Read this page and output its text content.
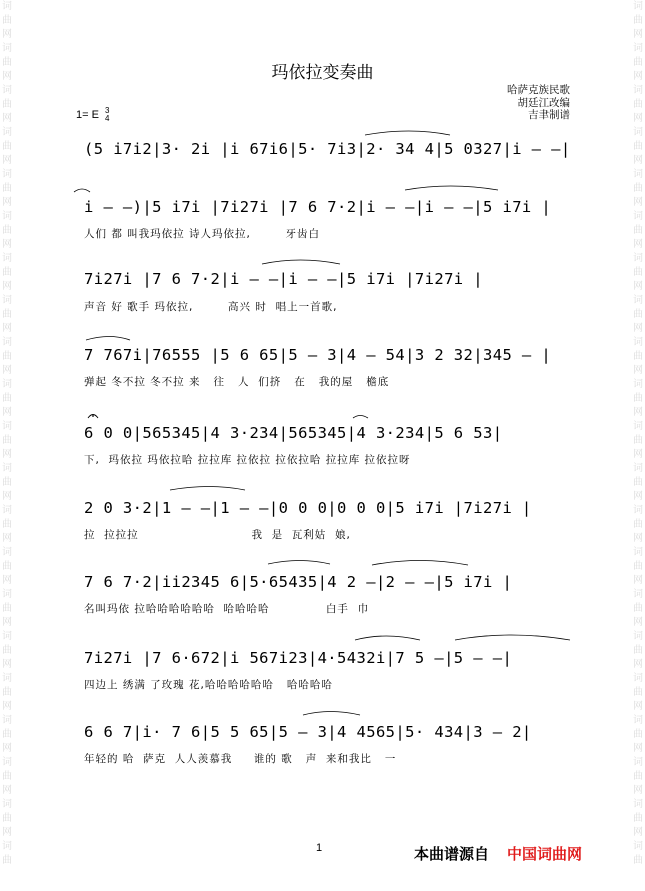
词
曲
网
词
曲
网
词
曲
网
词
曲
网
词
曲
网
词
曲
网
词
曲
网
词
曲
网
词
曲
网
词
曲
网
词
曲
网
词
曲
网
词
曲
网
词
曲
网
词
曲
网
词
曲
网
词
曲
网
词
曲
网
词
曲
网
词
曲
网
词
曲
词
曲
网
词
曲
网
词
曲
网
词
曲
网
词
曲
网
词
曲
网
词
曲
网
词
曲
网
词
曲
网
词
曲
网
词
曲
网
词
曲
网
词
曲
网
词
曲
网
词
曲
网
词
曲
网
词
曲
网
词
曲
网
词
曲
网
词
曲
网
词
曲
玛依拉变奏曲
哈萨克族民歌
胡廷江改编
吉聿制谱
1= E 3
4
(5 i7i2|3· 2i |i 67i6|5· 7i3|2· 34 4|5 0327|i — —|
i — —)|5 i7i |7i27i |7 6 7·2|i — —|i — —|5 i7i |
人们 都 叫我玛依拉 诗人玛依拉,        牙齿白
7i27i |7 6 7·2|i — —|i — —|5 i7i |7i27i |
声音 好 歌手 玛依拉,        高兴 时  唱上一首歌,
7 767i|76555 |5 6 65|5 — 3|4 — 54|3 2 32|345 — |
弹起 冬不拉 冬不拉 来   往   人  们挤   在   我的屋   檐底
6 0 0|565345|4 3·234|565345|4 3·234|5 6 53|
下,  玛依拉 玛依拉哈 拉拉库 拉依拉 拉依拉哈 拉拉库 拉依拉呀
2 0 3·2|1 — —|1 — —|0 0 0|0 0 0|5 i7i |7i27i |
拉  拉拉拉                          我  是  瓦利姑  娘,
7 6 7·2|ii2345 6|5·65435|4 2 —|2 — —|5 i7i |
名叫玛依 拉哈哈哈哈哈哈  哈哈哈哈             白手  巾
7i27i |7 6·672|i 567i23|4·5432i|7 5 —|5 — —|
四边上 绣满 了玫瑰 花,哈哈哈哈哈哈   哈哈哈哈
6 6 7|i· 7 6|5 5 65|5 — 3|4 4565|5· 434|3 — 2|
年轻的 哈  萨克  人人羡慕我     谁的 歌   声  来和我比   一
1	本曲谱源自 中国词曲网
